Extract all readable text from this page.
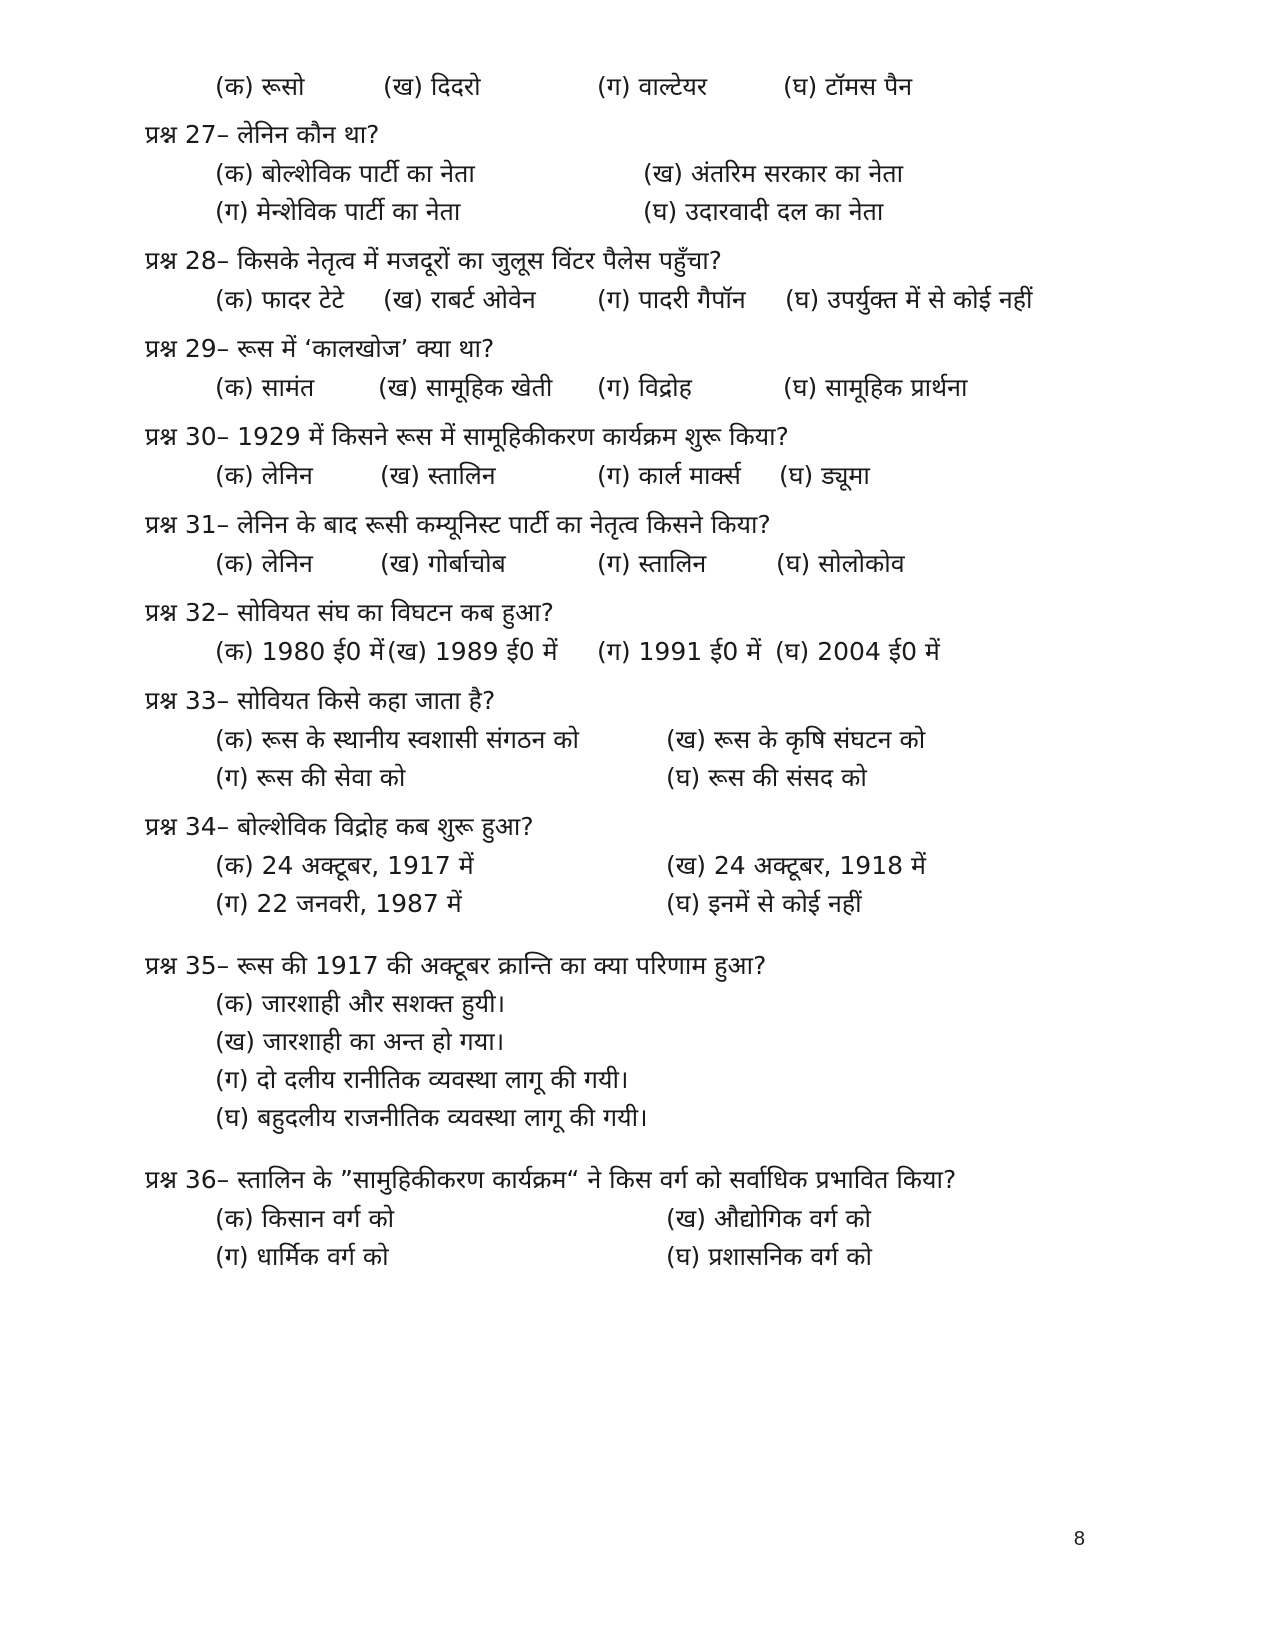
(क) रूसो	(ख) दिदरो	(ग) वाल्टेयर	(घ) टॉमस पैन
प्रश्न 27– लेनिन कौन था?
(क) बोल्शेविक पार्टी का नेता	(ख) अंतरिम सरकार का नेता
(ग) मेन्शेविक पार्टी का नेता	(घ) उदारवादी दल का नेता
प्रश्न 28– किसके नेतृत्व में मजदूरों का जुलूस विंटर पैलेस पहुँचा?
(क) फादर टेटे (ख) राबर्ट ओवेन (ग) पादरी गैपॉन (घ) उपर्युक्त में से कोई नहीं
प्रश्न 29– रूस में ‘कालखोज’ क्या था?
(क) सामंत	(ख) सामूहिक खेती (ग) विद्रोह	(घ) सामूहिक प्रार्थना
प्रश्न 30– 1929 में किसने रूस में सामूहिकीकरण कार्यक्रम शुरू किया?
(क) लेनिन	(ख) स्तालिन	(ग) कार्ल मार्क्स (घ) ड्यूमा
प्रश्न 31– लेनिन के बाद रूसी कम्यूनिस्ट पार्टी का नेतृत्व किसने किया?
(क) लेनिन	(ख) गोर्बाचोब	(ग) स्तालिन	(घ) सोलोकोव
प्रश्न 32– सोवियत संघ का विघटन कब हुआ?
(क) 1980 ई0 में (ख) 1989 ई0 में (ग) 1991 ई0 में (घ) 2004 ई0 में
प्रश्न 33– सोवियत किसे कहा जाता है?
(क) रूस के स्थानीय स्वशासी संगठन को	(ख) रूस के कृषि संघटन को
(ग) रूस की सेवा को	(घ) रूस की संसद को
प्रश्न 34– बोल्शेविक विद्रोह कब शुरू हुआ?
(क) 24 अक्टूबर, 1917 में	(ख) 24 अक्टूबर, 1918 में
(ग) 22 जनवरी, 1987 में	(घ) इनमें से कोई नहीं
प्रश्न 35– रूस की 1917 की अक्टूबर क्रान्ति का क्या परिणाम हुआ?
(क) जारशाही और सशक्त हुयी।
(ख) जारशाही का अन्त हो गया।
(ग) दो दलीय रानीतिक व्यवस्था लागू की गयी।
(घ) बहुदलीय राजनीतिक व्यवस्था लागू की गयी।
प्रश्न 36– स्तालिन के ”सामुहिकीकरण कार्यक्रम“ ने किस वर्ग को सर्वाधिक प्रभावित किया?
(क) किसान वर्ग को	(ख) औद्योगिक वर्ग को
(ग) धार्मिक वर्ग को	(घ) प्रशासनिक वर्ग को
8
